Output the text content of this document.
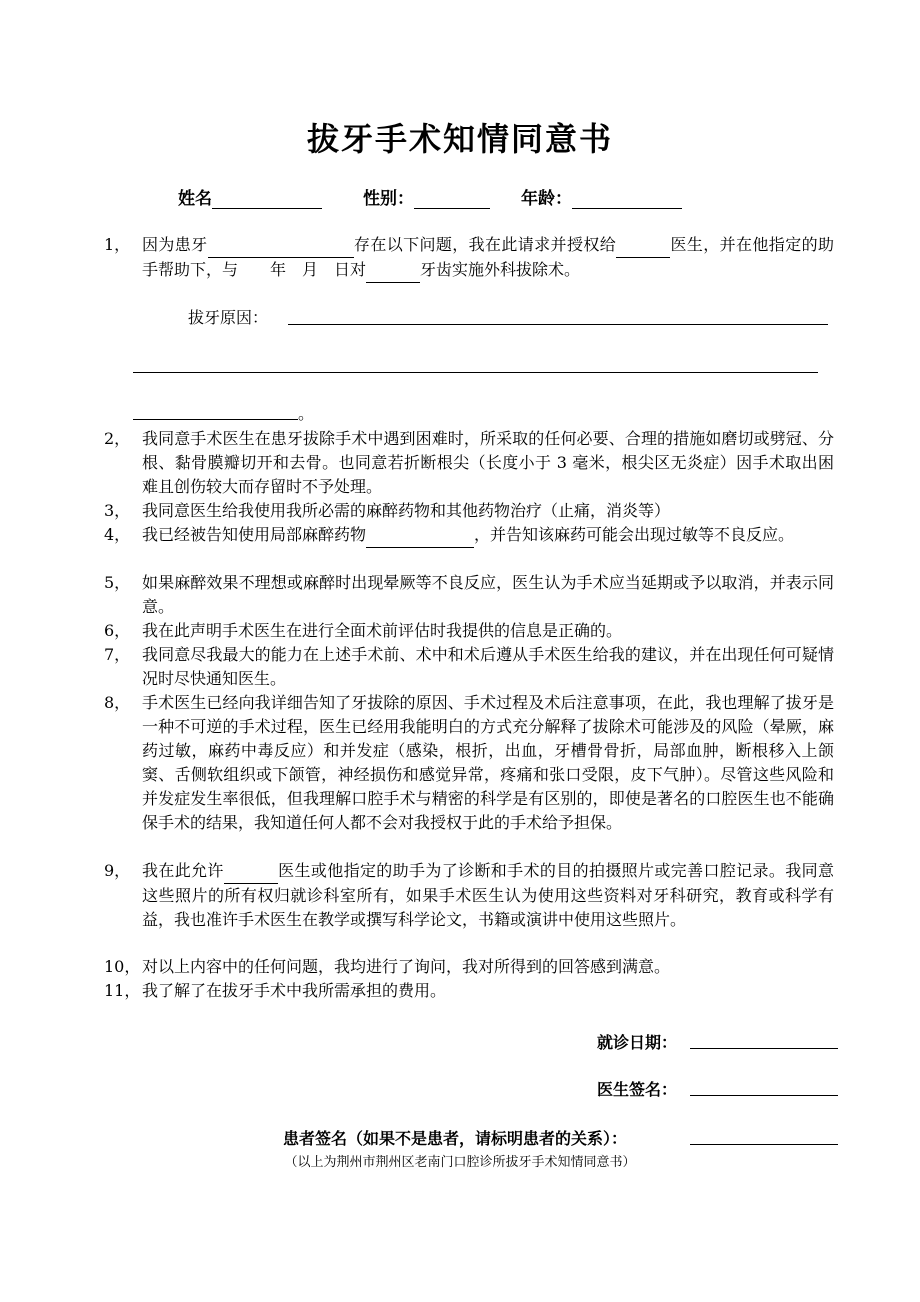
拔牙手术知情同意书
姓名	性别：	年龄：
1， 因为患牙	存在以下问题，我在此请求并授权给	医生，并在他指定的助手帮助下，与　　年　月　日对	牙齿实施外科拔除术。

拔牙原因：
。
2， 我同意手术医生在患牙拔除手术中遇到困难时，所采取的任何必要、合理的措施如磨切或劈冠、分根、黏骨膜瓣切开和去骨。也同意若折断根尖（长度小于 3 毫米，根尖区无炎症）因手术取出困难且创伤较大而存留时不予处理。

3， 我同意医生给我使用我所必需的麻醉药物和其他药物治疗（止痛，消炎等）

4， 我已经被告知使用局部麻醉药物	，并告知该麻药可能会出现过敏等不良反应。

5， 如果麻醉效果不理想或麻醉时出现晕厥等不良反应，医生认为手术应当延期或予以取消，并表示同意。

6， 我在此声明手术医生在进行全面术前评估时我提供的信息是正确的。

7， 我同意尽我最大的能力在上述手术前、术中和术后遵从手术医生给我的建议，并在出现任何可疑情况时尽快通知医生。

8， 手术医生已经向我详细告知了牙拔除的原因、手术过程及术后注意事项，在此，我也理解了拔牙是一种不可逆的手术过程，医生已经用我能明白的方式充分解释了拔除术可能涉及的风险（晕厥，麻药过敏，麻药中毒反应）和并发症（感染，根折，出血，牙槽骨骨折，局部血肿，断根移入上颌窦、舌侧软组织或下颌管，神经损伤和感觉异常，疼痛和张口受限，皮下气肿）。尽管这些风险和并发症发生率很低，但我理解口腔手术与精密的科学是有区别的，即使是著名的口腔医生也不能确保手术的结果，我知道任何人都不会对我授权于此的手术给予担保。

9， 我在此允许	医生或他指定的助手为了诊断和手术的目的拍摄照片或完善口腔记录。我同意这些照片的所有权归就诊科室所有，如果手术医生认为使用这些资料对牙科研究，教育或科学有益，我也准许手术医生在教学或撰写科学论文，书籍或演讲中使用这些照片。

10， 对以上内容中的任何问题，我均进行了询问，我对所得到的回答感到满意。

11， 我了解了在拔牙手术中我所需承担的费用。

就诊日期：
医生签名：
患者签名（如果不是患者，请标明患者的关系）：
（以上为荆州市荆州区老南门口腔诊所拔牙手术知情同意书）
